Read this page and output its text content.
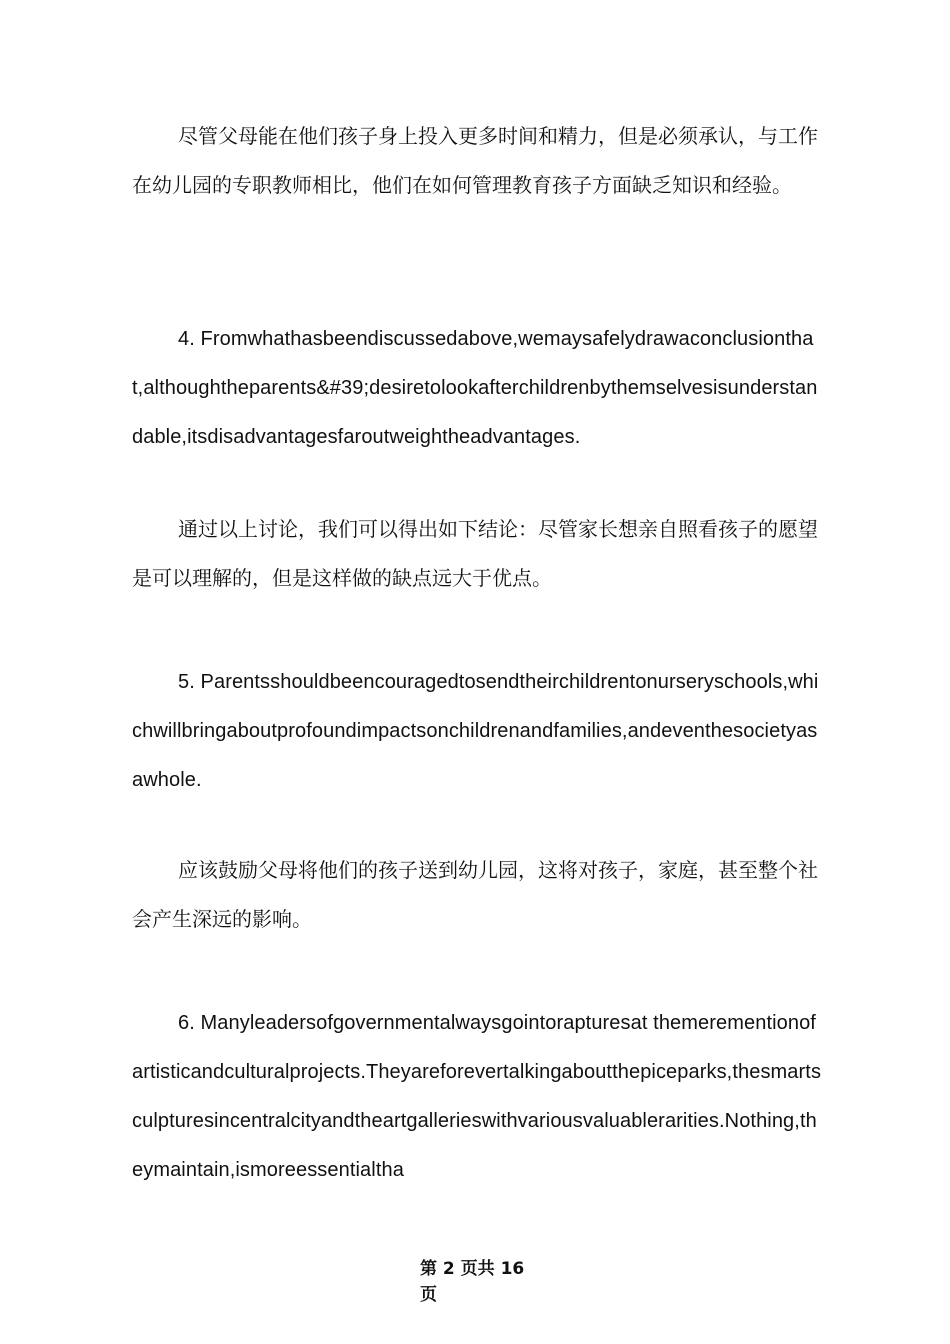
尽管父母能在他们孩子身上投入更多时间和精力，但是必须承认，与工作在幼儿园的专职教师相比，他们在如何管理教育孩子方面缺乏知识和经验。

4. Fromwhathasbeendiscussedabove,wemaysafelydrawaconclusionthat,althoughtheparents&#39;desiretolookafterchildrenbythemselvesisunderstandable,itsdisadvantagesfaroutweightheadvantages.

通过以上讨论，我们可以得出如下结论：尽管家长想亲自照看孩子的愿望是可以理解的，但是这样做的缺点远大于优点。

5. Parentsshouldbeencouragedtosendtheirchildrentonurseryschools,whichwillbringaboutprofoundimpactsonchildrenandfamilies,andeventhesocietyasawhole.

应该鼓励父母将他们的孩子送到幼儿园，这将对孩子，家庭，甚至整个社会产生深远的影响。

6. Manyleadersofgovernmentalwaysgointorapturesat themerementionofartisticandculturalprojects.Theyareforevertalkingaboutthepiceparks,thesmartsculpturesincentralcityandtheartgallerieswithvariousvaluablerarities.Nothing,theymaintain,ismoreessentialtha

第 2 页共 16 页
